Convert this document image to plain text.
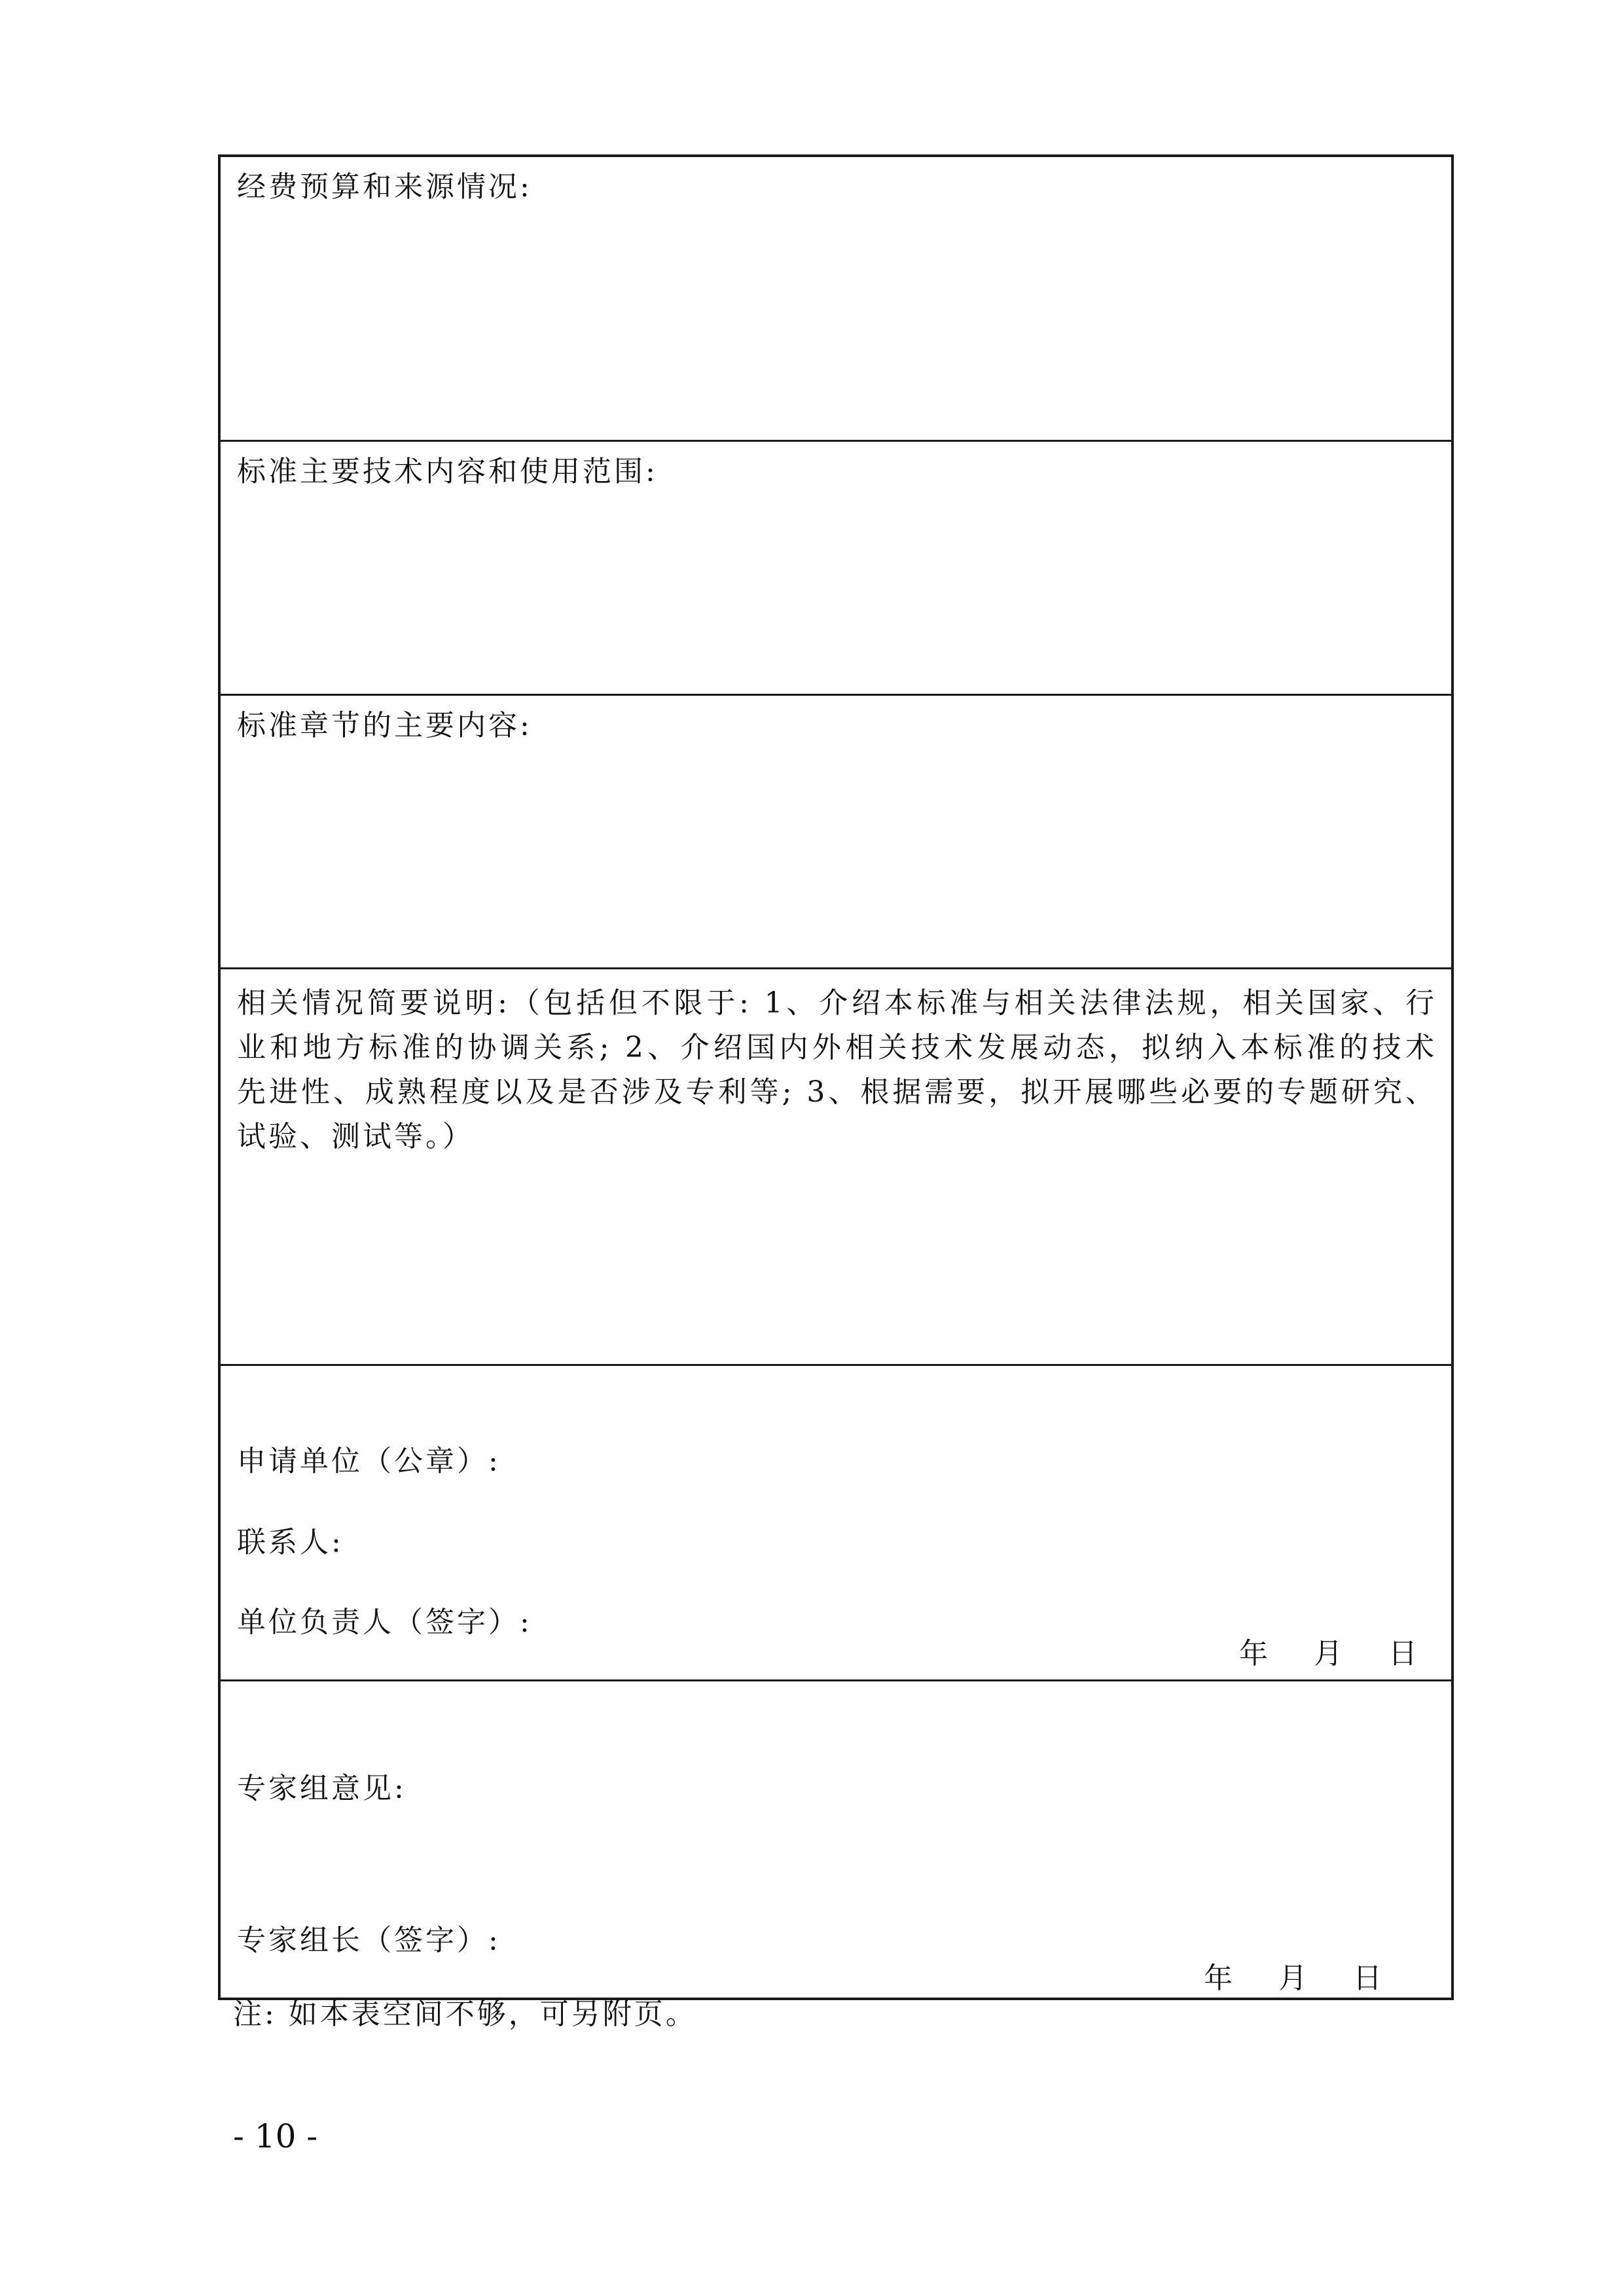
经费预算和来源情况:

标准主要技术内容和使用范围:

标准章节的主要内容:

相关情况简要说明:（包括但不限于: 1、介绍本标准与相关法律法规，相关国家、行
业和地方标准的协调关系; 2、介绍国内外相关技术发展动态，拟纳入本标准的技术
先进性、成熟程度以及是否涉及专利等; 3、根据需要，拟开展哪些必要的专题研究、
试验、测试等。）

申请单位（公章）:

联系人:

单位负责人（签字）:

年 月 日

专家组意见:

专家组长（签字）:

年 月 日

注: 如本表空间不够，可另附页。

- 10 -
